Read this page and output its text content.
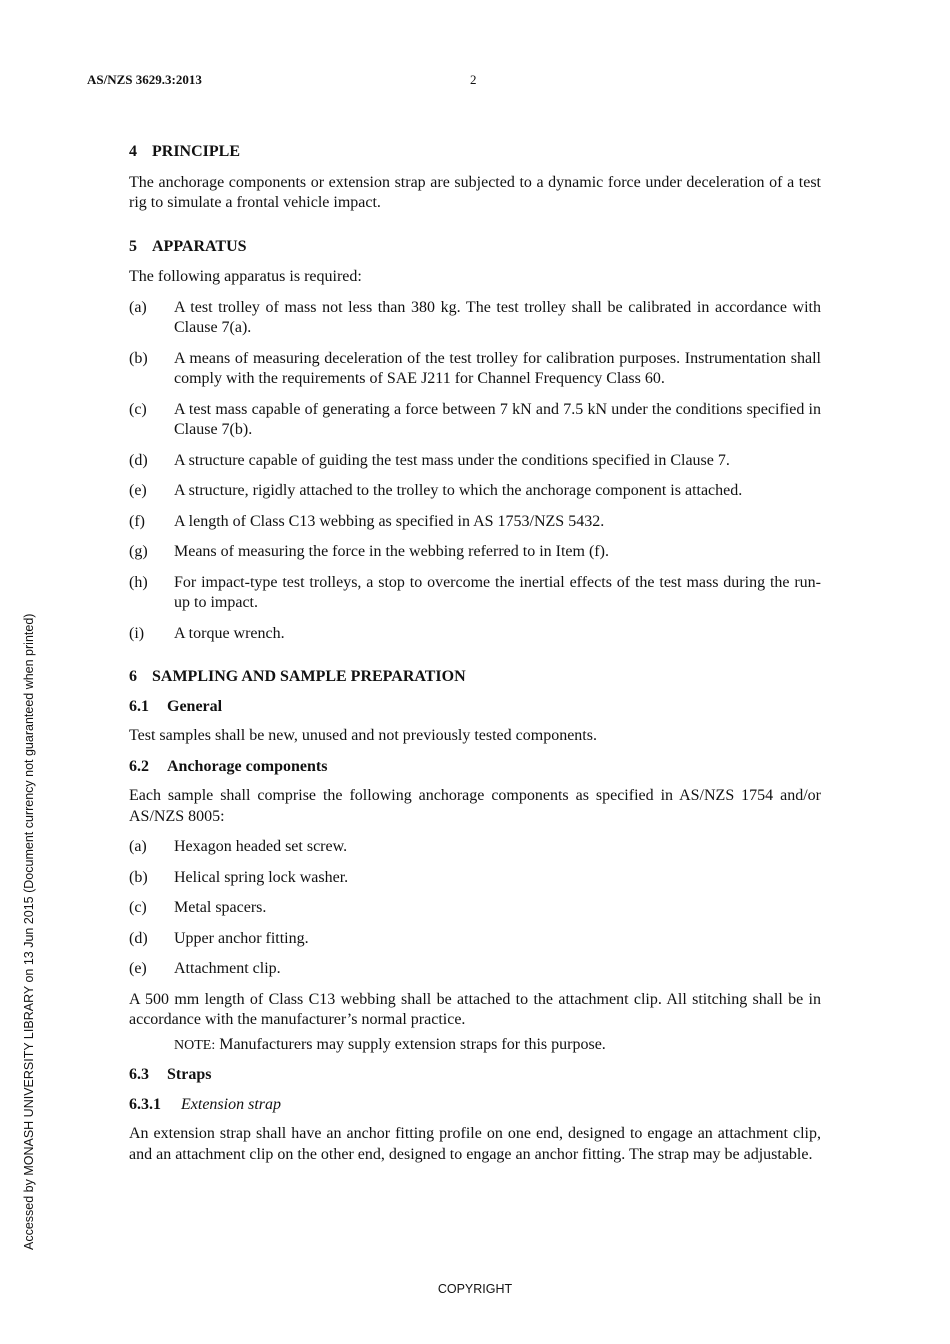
AS/NZS 3629.3:2013	2
Accessed by MONASH UNIVERSITY LIBRARY on 13 Jun 2015 (Document currency not guaranteed when printed)
4 PRINCIPLE

The anchorage components or extension strap are subjected to a dynamic force under deceleration of a test rig to simulate a frontal vehicle impact.

5 APPARATUS

The following apparatus is required:

(a)	A test trolley of mass not less than 380 kg. The test trolley shall be calibrated in accordance with Clause 7(a).
(b)	A means of measuring deceleration of the test trolley for calibration purposes. Instrumentation shall comply with the requirements of SAE J211 for Channel Frequency Class 60.
(c)	A test mass capable of generating a force between 7 kN and 7.5 kN under the conditions specified in Clause 7(b).
(d)	A structure capable of guiding the test mass under the conditions specified in Clause 7.
(e)	A structure, rigidly attached to the trolley to which the anchorage component is attached.
(f)	A length of Class C13 webbing as specified in AS 1753/NZS 5432.
(g)	Means of measuring the force in the webbing referred to in Item (f).
(h)	For impact-type test trolleys, a stop to overcome the inertial effects of the test mass during the run-up to impact.
(i)	A torque wrench.
6 SAMPLING AND SAMPLE PREPARATION
6.1 General

Test samples shall be new, unused and not previously tested components.

6.2 Anchorage components

Each sample shall comprise the following anchorage components as specified in AS/NZS 1754 and/or AS/NZS 8005:

(a)	Hexagon headed set screw.
(b)	Helical spring lock washer.
(c)	Metal spacers.
(d)	Upper anchor fitting.
(e)	Attachment clip.

A 500 mm length of Class C13 webbing shall be attached to the attachment clip. All stitching shall be in accordance with the manufacturer’s normal practice.

NOTE: Manufacturers may supply extension straps for this purpose.
6.3 Straps
6.3.1 Extension strap

An extension strap shall have an anchor fitting profile on one end, designed to engage an attachment clip, and an attachment clip on the other end, designed to engage an anchor fitting. The strap may be adjustable.

COPYRIGHT
